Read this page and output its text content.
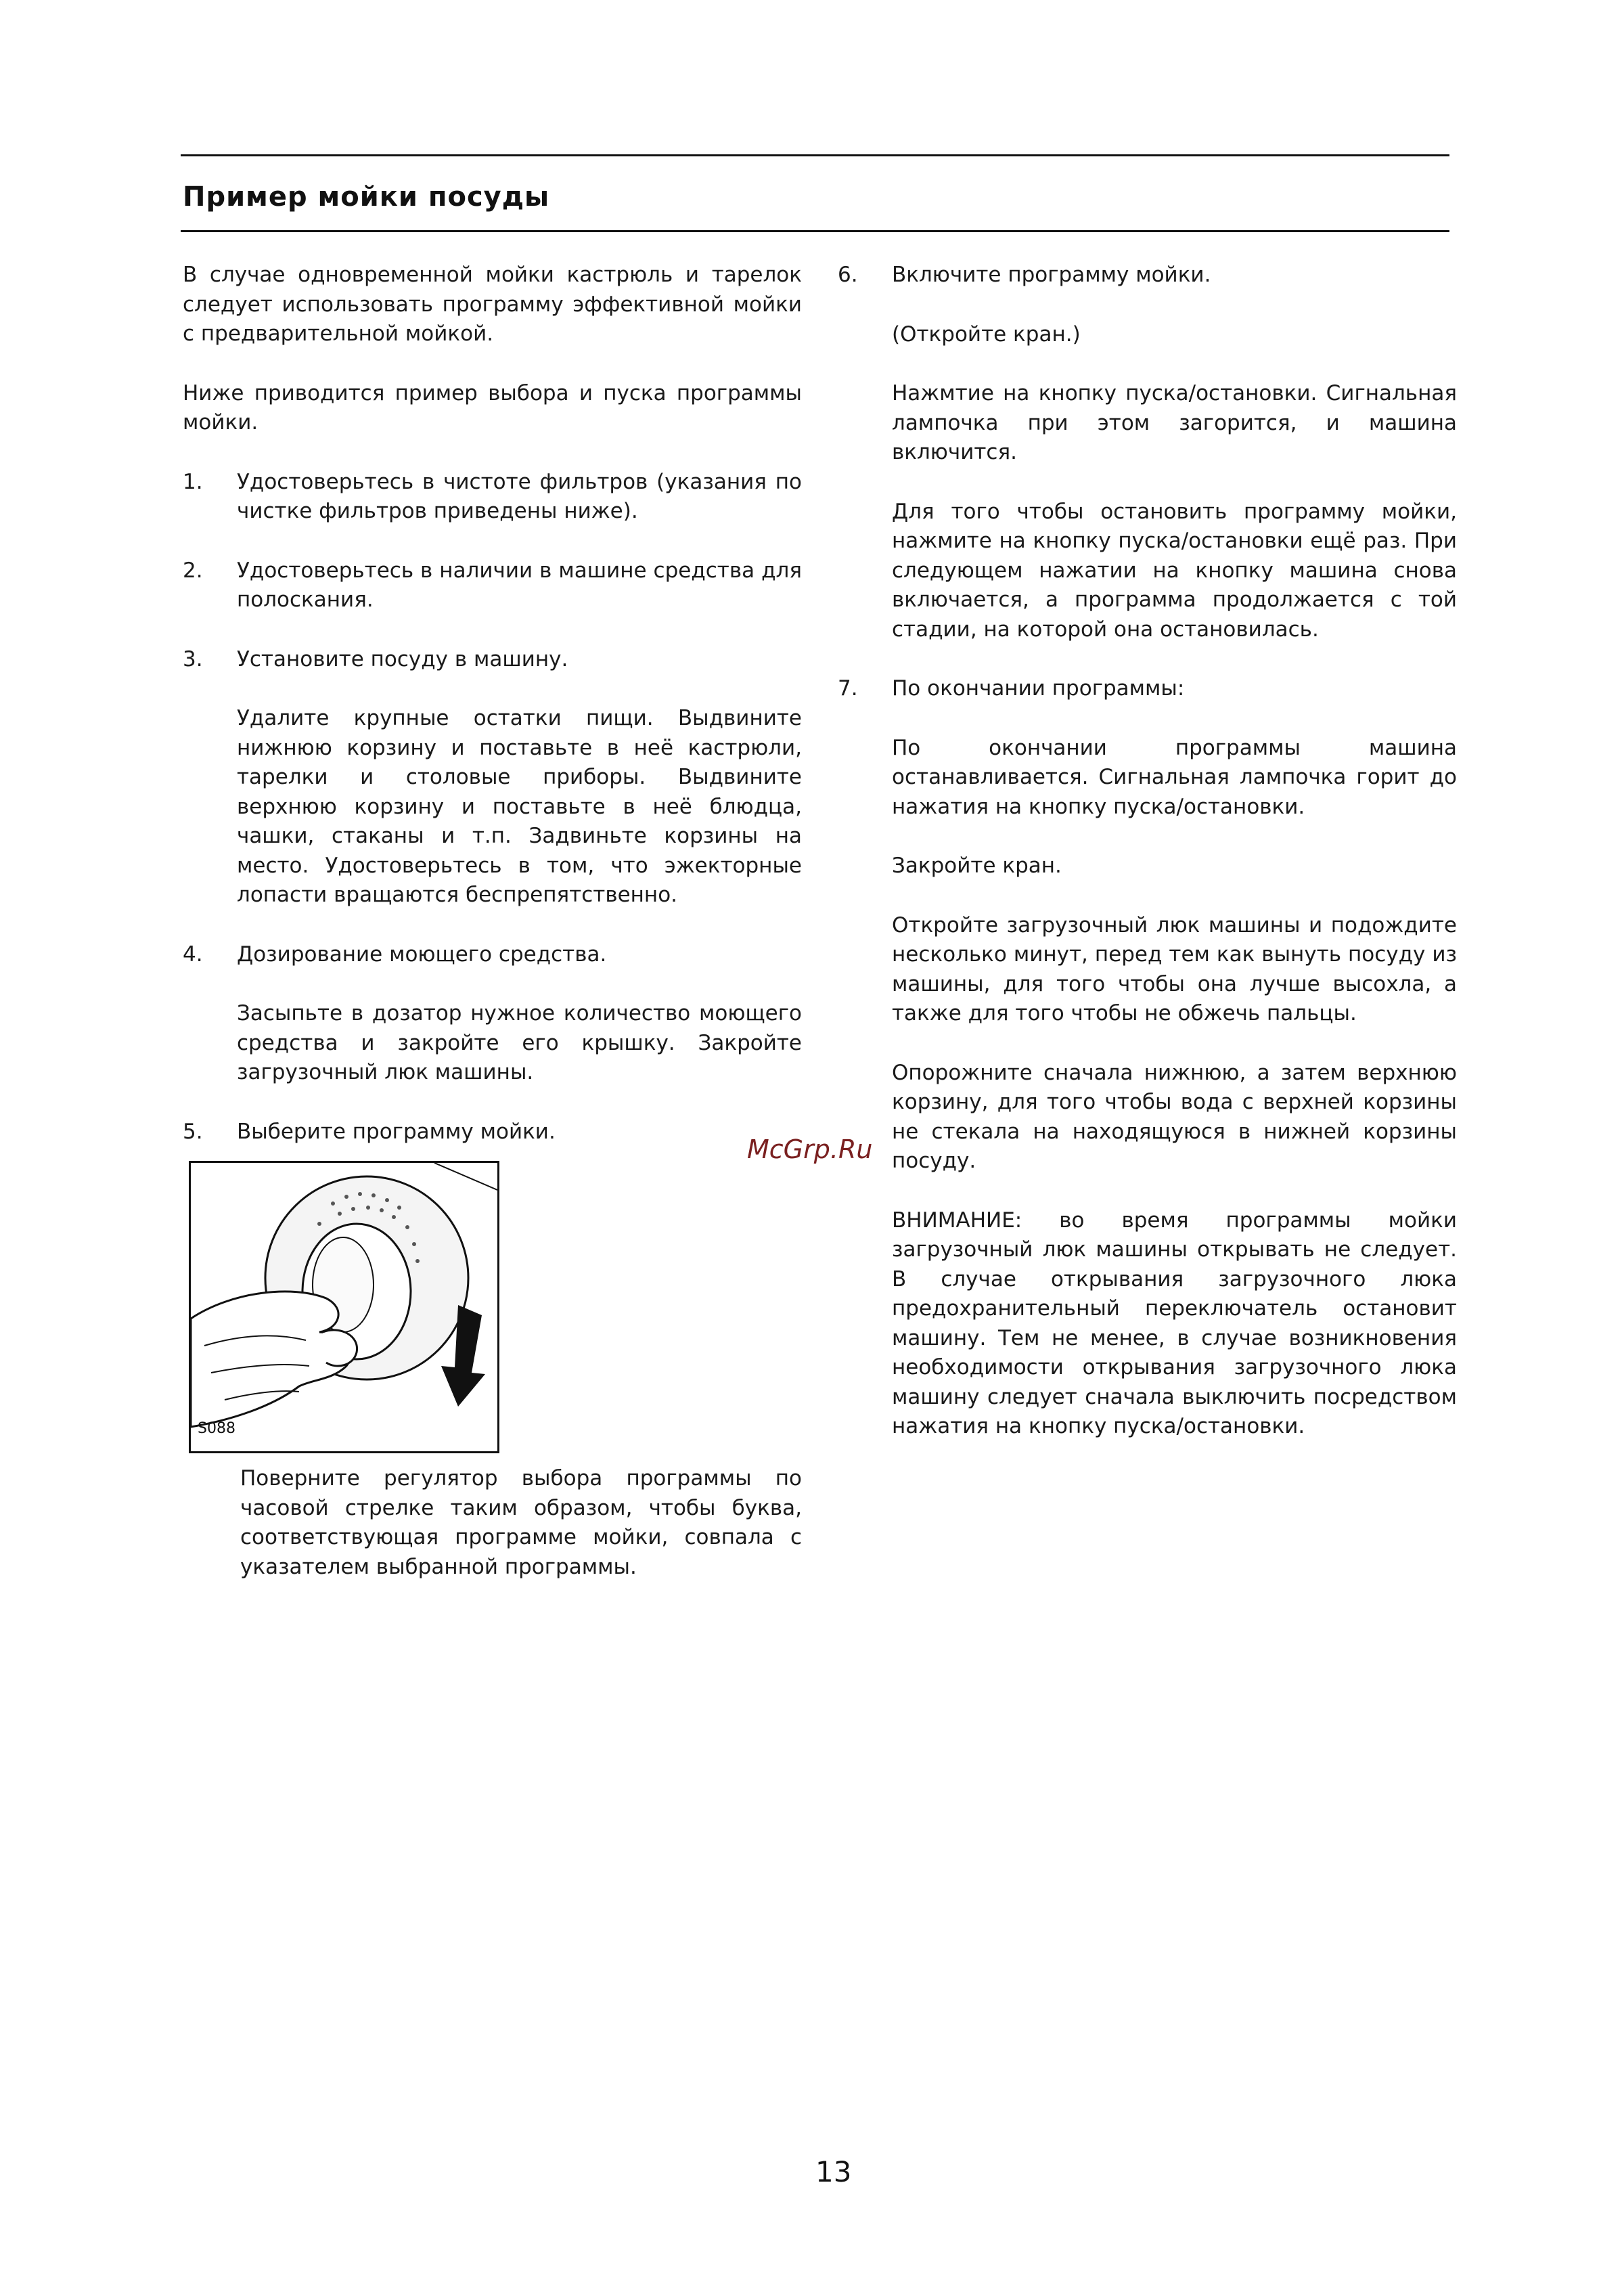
Пример мойки посуды

В случае одновременной мойки кастрюль и тарелок следует использовать программу эффективной мойки с предварительной мойкой.

Ниже приводится пример выбора и пуска программы мойки.

1. Удостоверьтесь в чистоте фильтров (указания по чистке фильтров приведены ниже).

2. Удостоверьтесь в наличии в машине средства для полоскания.

3. Установите посуду в машину.

Удалите крупные остатки пищи. Выдвините нижнюю корзину и поставьте в неё кастрюли, тарелки и столовые приборы. Выдвините верхнюю корзину и поставьте в неё блюдца, чашки, стаканы и т.п. Задвиньте корзины на место. Удостоверьтесь в том, что эжекторные лопасти вращаются беспрепятственно.

4. Дозирование моющего средства.

Засыпьте в дозатор нужное количество моющего средства и закройте его крышку. Закройте загрузочный люк машины.

5. Выберите программу мойки.

S088

Поверните регулятор выбора программы по часовой стрелке таким образом, чтобы буква, соответствующая программе мойки, совпала с указателем выбранной программы.

McGrp.Ru
6. Включите программу мойки.

(Откройте кран.)

Нажмтие на кнопку пуска/остановки. Сигнальная лампочка при этом загорится, и машина включится.

Для того чтобы остановить программу мойки, нажмите на кнопку пуска/остановки ещё раз. При следующем нажатии на кнопку машина снова включается, а программа продолжается с той стадии, на которой она остановилась.

7. По окончании программы:

По окончании программы машина останавливается. Сигнальная лампочка горит до нажатия на кнопку пуска/остановки.

Закройте кран.

Откройте загрузочный люк машины и подождите несколько минут, перед тем как вынуть посуду из машины, для того чтобы она лучше высохла, а также для того чтобы не обжечь пальцы.

Опорожните сначала нижнюю, а затем верхнюю корзину, для того чтобы вода с верхней корзины не стекала на находящуюся в нижней корзины посуду.

ВНИМАНИЕ: во время программы мойки загрузочный люк машины открывать не следует. В случае открывания загрузочного люка предохранительный переключатель остановит машину. Тем не менее, в случае возникновения необходимости открывания загрузочного люка машину следует сначала выключить посредством нажатия на кнопку пуска/остановки.

13
